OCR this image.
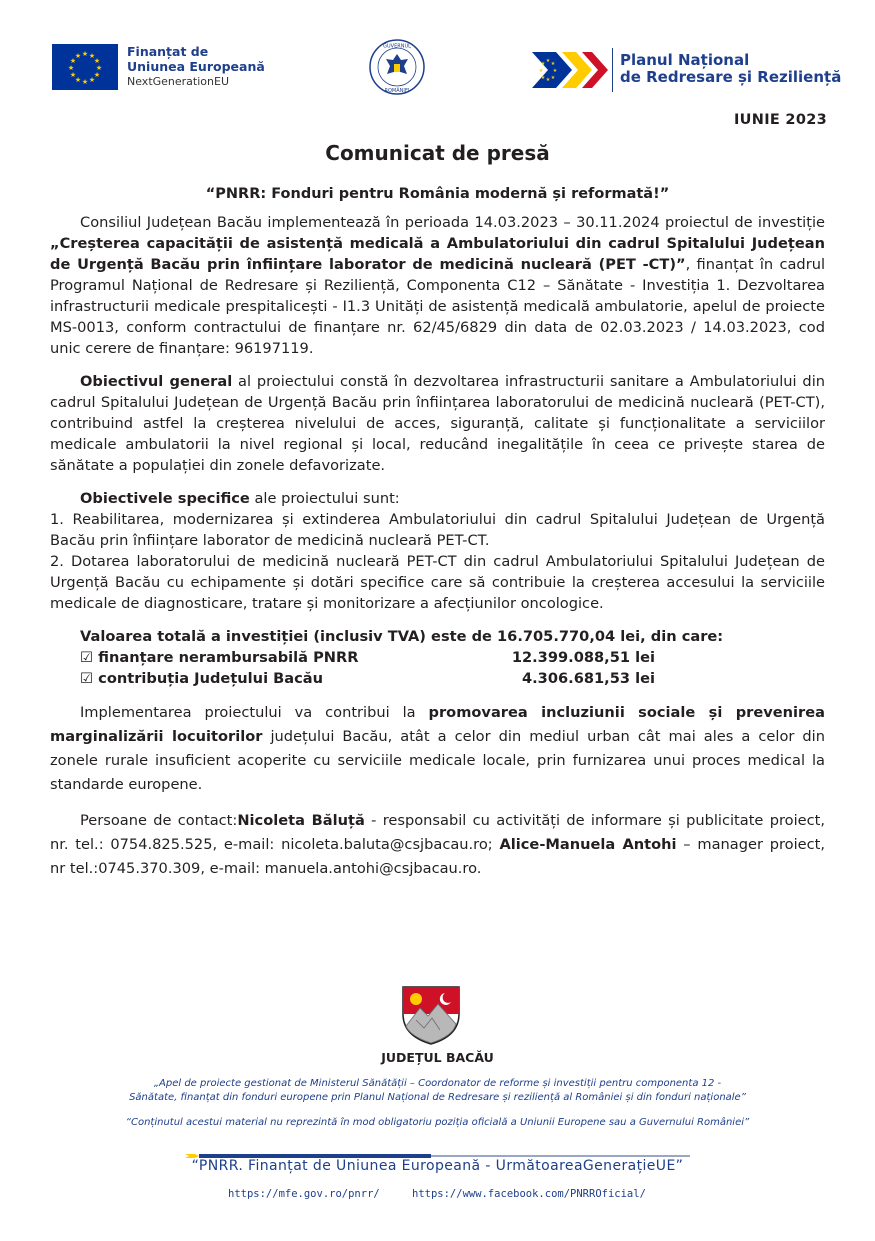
★ ★
★
★
★
★
★
★
★
★
★
★	Finanțat de
Uniunea Europeană
NextGenerationEU
GUVERNUL
ROMÂNIEI
★ ★
★
★
★
★
★
★	Planul Național
de Redresare și Reziliență
IUNIE 2023
Comunicat de presă
“PNRR: Fonduri pentru România modernă și reformată!”

Consiliul Județean Bacău implementează în perioada 14.03.2023 – 30.11.2024 proiectul de investiție „Creșterea capacității de asistență medicală a Ambulatoriului din cadrul Spitalului Județean de Urgență Bacău prin înființare laborator de medicină nucleară (PET -CT)”, finanțat în cadrul Programul Național de Redresare și Reziliență, Componenta C12 – Sănătate - Investiția 1. Dezvoltarea infrastructurii medicale prespitalicești - I1.3 Unități de asistență medicală ambulatorie, apelul de proiecte MS-0013, conform contractului de finanțare nr. 62/45/6829 din data de 02.03.2023 / 14.03.2023, cod unic cerere de finanțare: 96197119.

Obiectivul general al proiectului constă în dezvoltarea infrastructurii sanitare a Ambulatoriului din cadrul Spitalului Județean de Urgență Bacău prin înființarea laboratorului de medicină nucleară (PET-CT), contribuind astfel la creșterea nivelului de acces, siguranță, calitate și funcționalitate a serviciilor medicale ambulatorii la nivel regional și local, reducând inegalitățile în ceea ce privește starea de sănătate a populației din zonele defavorizate.

Obiectivele specifice ale proiectului sunt:

1. Reabilitarea, modernizarea și extinderea Ambulatoriului din cadrul Spitalului Județean de Urgență Bacău prin înființare laborator de medicină nucleară PET-CT.

2. Dotarea laboratorului de medicină nucleară PET-CT din cadrul Ambulatoriului Spitalului Județean de Urgență Bacău cu echipamente și dotări specifice care să contribuie la creșterea accesului la serviciile medicale de diagnosticare, tratare și monitorizare a afecțiunilor oncologice.

Valoarea totală a investiției (inclusiv TVA) este de 16.705.770,04 lei, din care:
☑ finanțare nerambursabilă PNRR	12.399.088,51 lei
☑ contribuția Județului Bacău	4.306.681,53 lei

Implementarea proiectului va contribui la promovarea incluziunii sociale și prevenirea marginalizării locuitorilor județului Bacău, atât a celor din mediul urban cât mai ales a celor din zonele rurale insuficient acoperite cu serviciile medicale locale, prin furnizarea unui proces medical la standarde europene.

Persoane de contact:Nicoleta Băluță - responsabil cu activități de informare și publicitate proiect, nr. tel.: 0754.825.525, e-mail: nicoleta.baluta@csjbacau.ro; Alice-Manuela Antohi – manager proiect, nr tel.:0745.370.309, e-mail: manuela.antohi@csjbacau.ro.

JUDEȚUL BACĂU
„Apel de proiecte gestionat de Ministerul Sănătății – Coordonator de reforme și investiții pentru componenta 12 -
Sănătate, finanțat din fonduri europene prin Planul Național de Redresare și reziliență al României și din fonduri naționale”
“Conținutul acestui material nu reprezintă în mod obligatoriu poziția oficială a Uniunii Europene sau a Guvernului României”
“PNRR. Finanțat de Uniunea Europeană - UrmătoareaGenerațieUE”
https://mfe.gov.ro/pnrr/	https://www.facebook.com/PNRROficial/
